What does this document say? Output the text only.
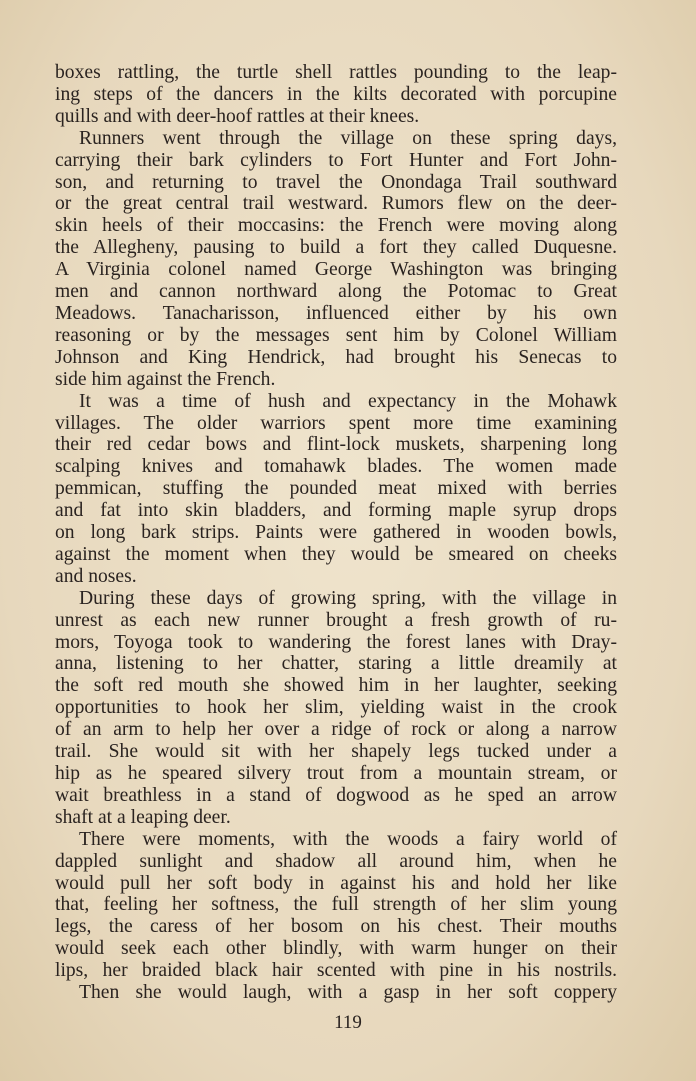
boxes rattling, the turtle shell rattles pounding to the leap-
ing steps of the dancers in the kilts decorated with porcupine
quills and with deer-hoof rattles at their knees.

Runners went through the village on these spring days,
carrying their bark cylinders to Fort Hunter and Fort John-
son, and returning to travel the Onondaga Trail southward
or the great central trail westward. Rumors flew on the deer-
skin heels of their moccasins: the French were moving along
the Allegheny, pausing to build a fort they called Duquesne.
A Virginia colonel named George Washington was bringing
men and cannon northward along the Potomac to Great
Meadows. Tanacharisson, influenced either by his own
reasoning or by the messages sent him by Colonel William
Johnson and King Hendrick, had brought his Senecas to
side him against the French.

It was a time of hush and expectancy in the Mohawk
villages. The older warriors spent more time examining
their red cedar bows and flint-lock muskets, sharpening long
scalping knives and tomahawk blades. The women made
pemmican, stuffing the pounded meat mixed with berries
and fat into skin bladders, and forming maple syrup drops
on long bark strips. Paints were gathered in wooden bowls,
against the moment when they would be smeared on cheeks
and noses.

During these days of growing spring, with the village in
unrest as each new runner brought a fresh growth of ru-
mors, Toyoga took to wandering the forest lanes with Dray-
anna, listening to her chatter, staring a little dreamily at
the soft red mouth she showed him in her laughter, seeking
opportunities to hook her slim, yielding waist in the crook
of an arm to help her over a ridge of rock or along a narrow
trail. She would sit with her shapely legs tucked under a
hip as he speared silvery trout from a mountain stream, or
wait breathless in a stand of dogwood as he sped an arrow
shaft at a leaping deer.

There were moments, with the woods a fairy world of
dappled sunlight and shadow all around him, when he
would pull her soft body in against his and hold her like
that, feeling her softness, the full strength of her slim young
legs, the caress of her bosom on his chest. Their mouths
would seek each other blindly, with warm hunger on their
lips, her braided black hair scented with pine in his nostrils.

Then she would laugh, with a gasp in her soft coppery

119
